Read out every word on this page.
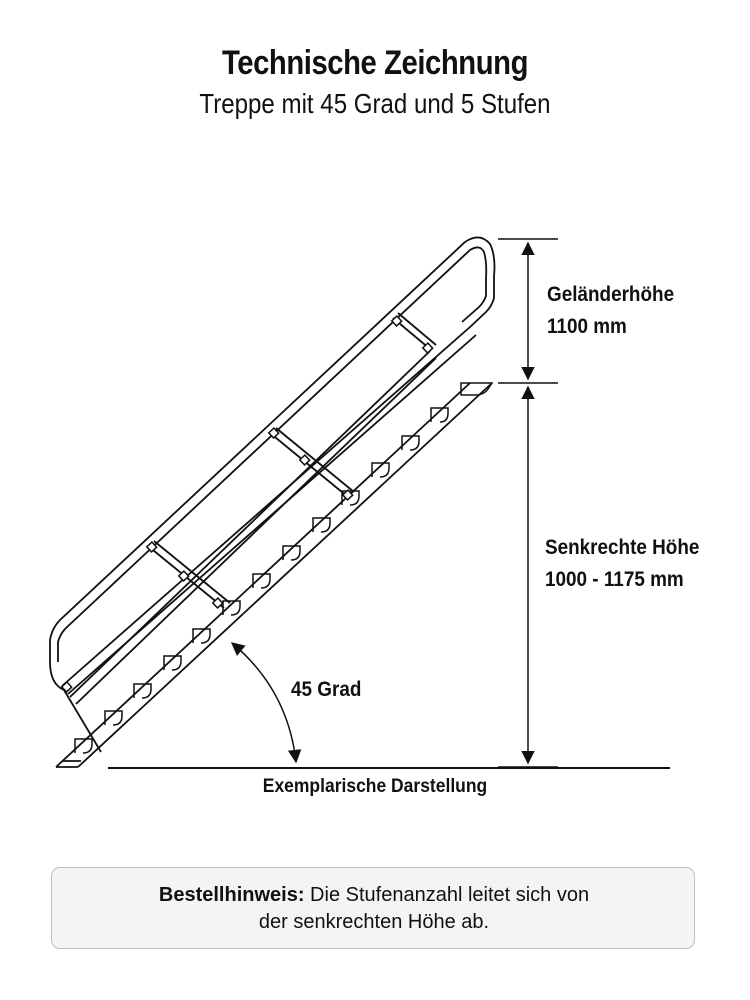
Technische Zeichnung
Treppe mit 45 Grad und 5 Stufen
Geländerhöhe
1100 mm
Senkrechte Höhe
1000 - 1175 mm
45 Grad
Exemplarische Darstellung
Bestellhinweis: Die Stufenanzahl leitet sich von
der senkrechten Höhe ab.
